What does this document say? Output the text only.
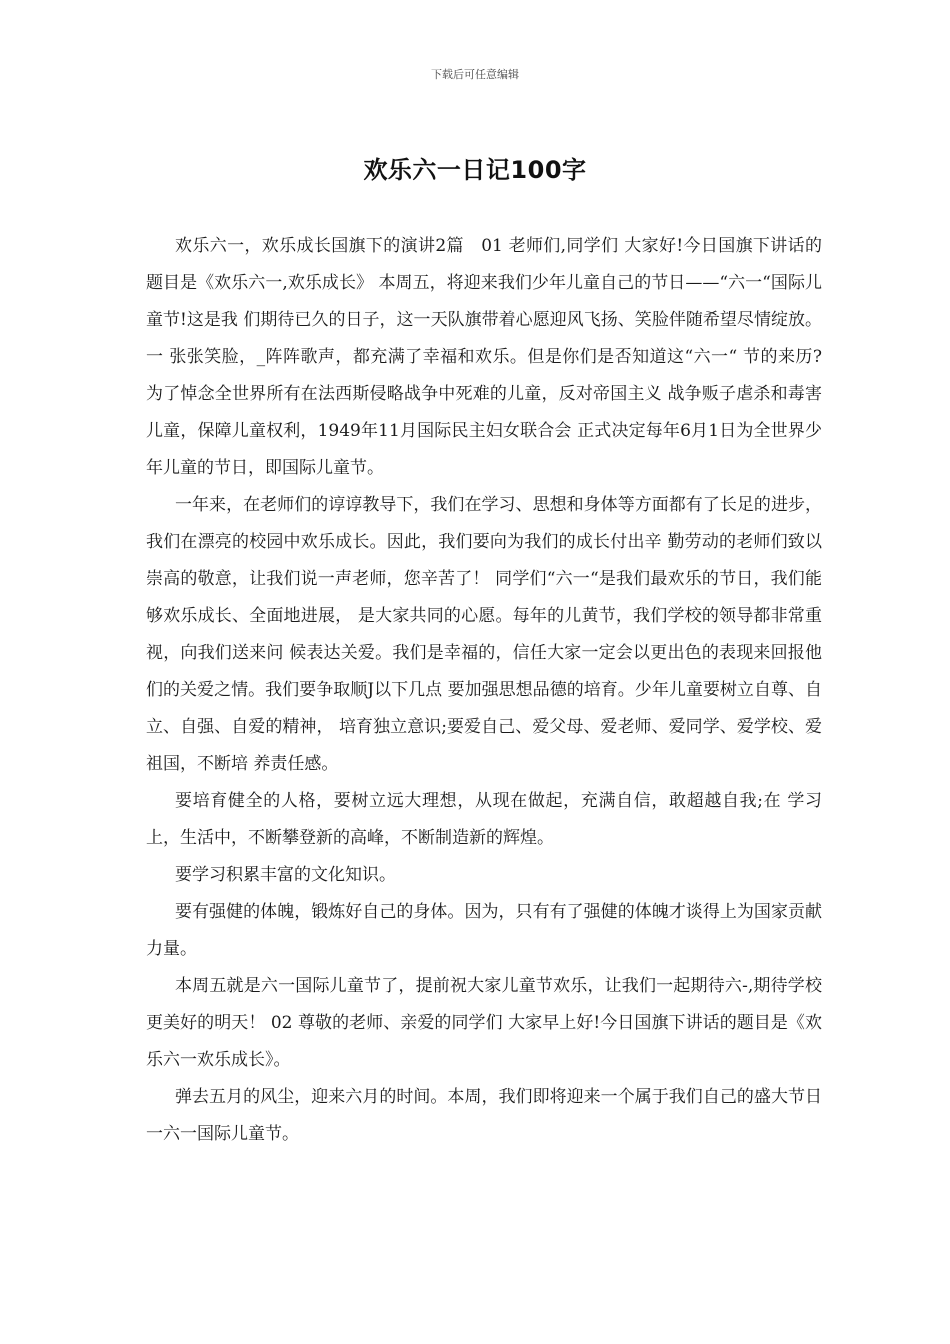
下载后可任意编辑
欢乐六一日记100字

欢乐六一，欢乐成长国旗下的演讲2篇　01 老师们,同学们 大家好!今日国旗下讲话的题目是《欢乐六一,欢乐成长》 本周五，将迎来我们少年儿童自己的节日——“六一“国际儿童节!这是我 们期待已久的日子，这一天队旗带着心愿迎风飞扬、笑脸伴随希望尽情绽放。一 张张笑脸，_阵阵歌声，都充满了幸福和欢乐。但是你们是否知道这“六一“ 节的来历? 为了悼念全世界所有在法西斯侵略战争中死难的儿童，反对帝国主义 战争贩子虐杀和毒害儿童，保障儿童权利，1949年11月国际民主妇女联合会 正式决定每年6月1日为全世界少年儿童的节日，即国际儿童节。

一年来，在老师们的谆谆教导下，我们在学习、思想和身体等方面都有了长足的进步，我们在漂亮的校园中欢乐成长。因此，我们要向为我们的成长付出辛 勤劳动的老师们致以崇高的敬意，让我们说一声老师，您辛苦了！ 同学们“六一“是我们最欢乐的节日，我们能够欢乐成长、全面地进展， 是大家共同的心愿。每年的儿黄节，我们学校的领导都非常重视，向我们送来问 候表达关爱。我们是幸福的，信任大家一定会以更出色的表现来回报他们的关爱之情。我们要争取顺J以下几点 要加强思想品德的培育。少年儿童要树立自尊、自立、自强、自爱的精神， 培育独立意识;要爱自己、爱父母、爱老师、爱同学、爱学校、爱祖国，不断培 养责任感。

要培育健全的人格，要树立远大理想，从现在做起，充满自信，敢超越自我;在 学习上，生活中，不断攀登新的高峰，不断制造新的辉煌。

要学习积累丰富的文化知识。

要有强健的体魄，锻炼好自己的身体。因为，只有有了强健的体魄才谈得上为国家贡献力量。

本周五就是六一国际儿童节了，提前祝大家儿童节欢乐，让我们一起期待六-,期待学校更美好的明天！ 02 尊敬的老师、亲爱的同学们 大家早上好!今日国旗下讲话的题目是《欢乐六一欢乐成长》。

弹去五月的风尘，迎来六月的时间。本周，我们即将迎来一个属于我们自己的盛大节日一六一国际儿童节。
